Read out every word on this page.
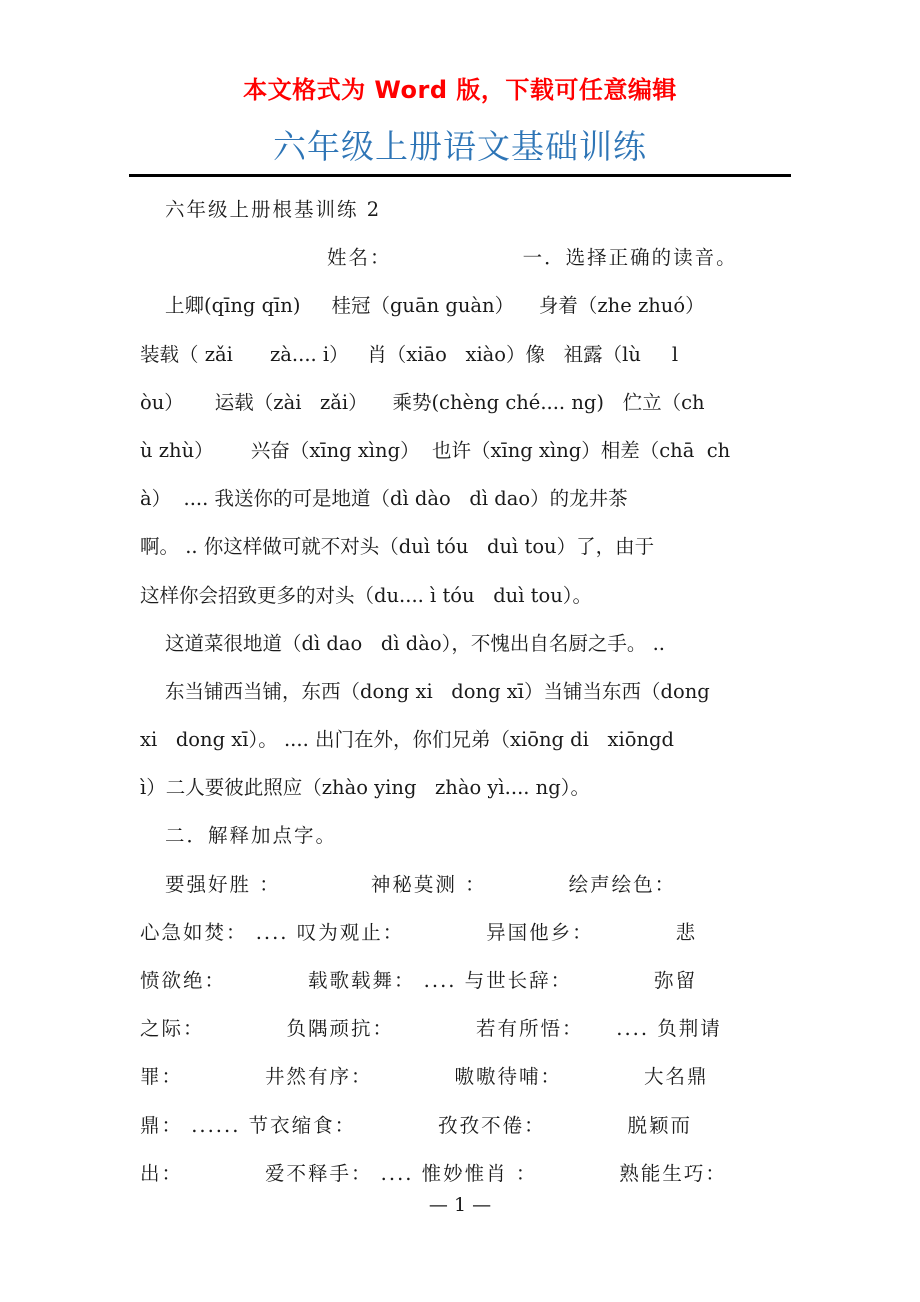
本文格式为 Word 版，下载可任意编辑
六年级上册语文基础训练
六年级上册根基训练 2
姓名：                一．选择正确的读音。
上卿(qīng qīn)     桂冠（guān guàn）    身着（zhe zhuó）
装载（ zǎi      zà.... i）   肖（xiāo   xiào）像   祖露（lù     l
òu）     运载（zài   zǎi）    乘势(chèng ché.... ng)   伫立（ch
ù zhù）      兴奋（xīng xìng）  也许（xīng xìng）相差（chā  ch
à）  .... 我送你的可是地道（dì dào   dì dao）的龙井茶
啊。 .. 你这样做可就不对头（duì tóu   duì tou）了，由于
这样你会招致更多的对头（du.... ì tóu   duì tou）。
这道菜很地道（dì dao   dì dào），不愧出自名厨之手。 ..
东当铺西当铺，东西（dong xi   dong xī）当铺当东西（dong
xi   dong xī）。 .... 出门在外，你们兄弟（xiōng di   xiōngd
ì）二人要彼此照应（zhào ying   zhào yì.... ng）。
二．解释加点字。
要强好胜 ：           神秘莫测 ：          绘声绘色：
心急如焚： .... 叹为观止：          异国他乡：          悲
愤欲绝：          载歌载舞： .... 与世长辞：          弥留
之际：          负隅顽抗：          若有所悟：    .... 负荆请
罪：          井然有序：          嗷嗷待哺：          大名鼎
鼎： ...... 节衣缩食：          孜孜不倦：          脱颖而
出：          爱不释手： .... 惟妙惟肖 ：          熟能生巧：
— 1 —
